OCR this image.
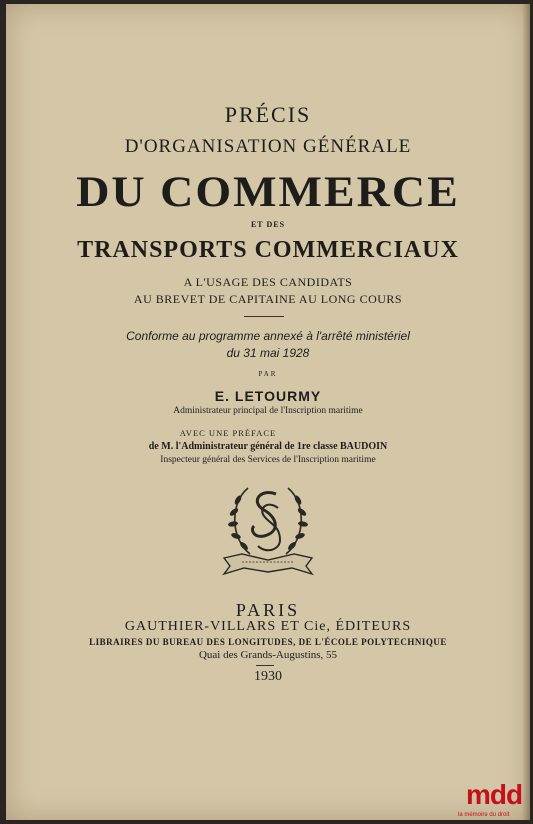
PRÉCIS
D'ORGANISATION GÉNÉRALE
DU COMMERCE
ET DES
TRANSPORTS COMMERCIAUX
A L'USAGE DES CANDIDATS
AU BREVET DE CAPITAINE AU LONG COURS
Conforme au programme annexé à l'arrêté ministériel
du 31 mai 1928
PAR
E. LETOURMY
Administrateur principal de l'Inscription maritime
AVEC UNE PRÉFACE
de M. l'Administrateur général de 1re classe BAUDOIN
Inspecteur général des Services de l'Inscription maritime
PARIS
GAUTHIER-VILLARS ET Cie, ÉDITEURS
LIBRAIRES DU BUREAU DES LONGITUDES, DE L'ÉCOLE POLYTECHNIQUE
Quai des Grands-Augustins, 55
1930
mdd
la mémoire du droit
